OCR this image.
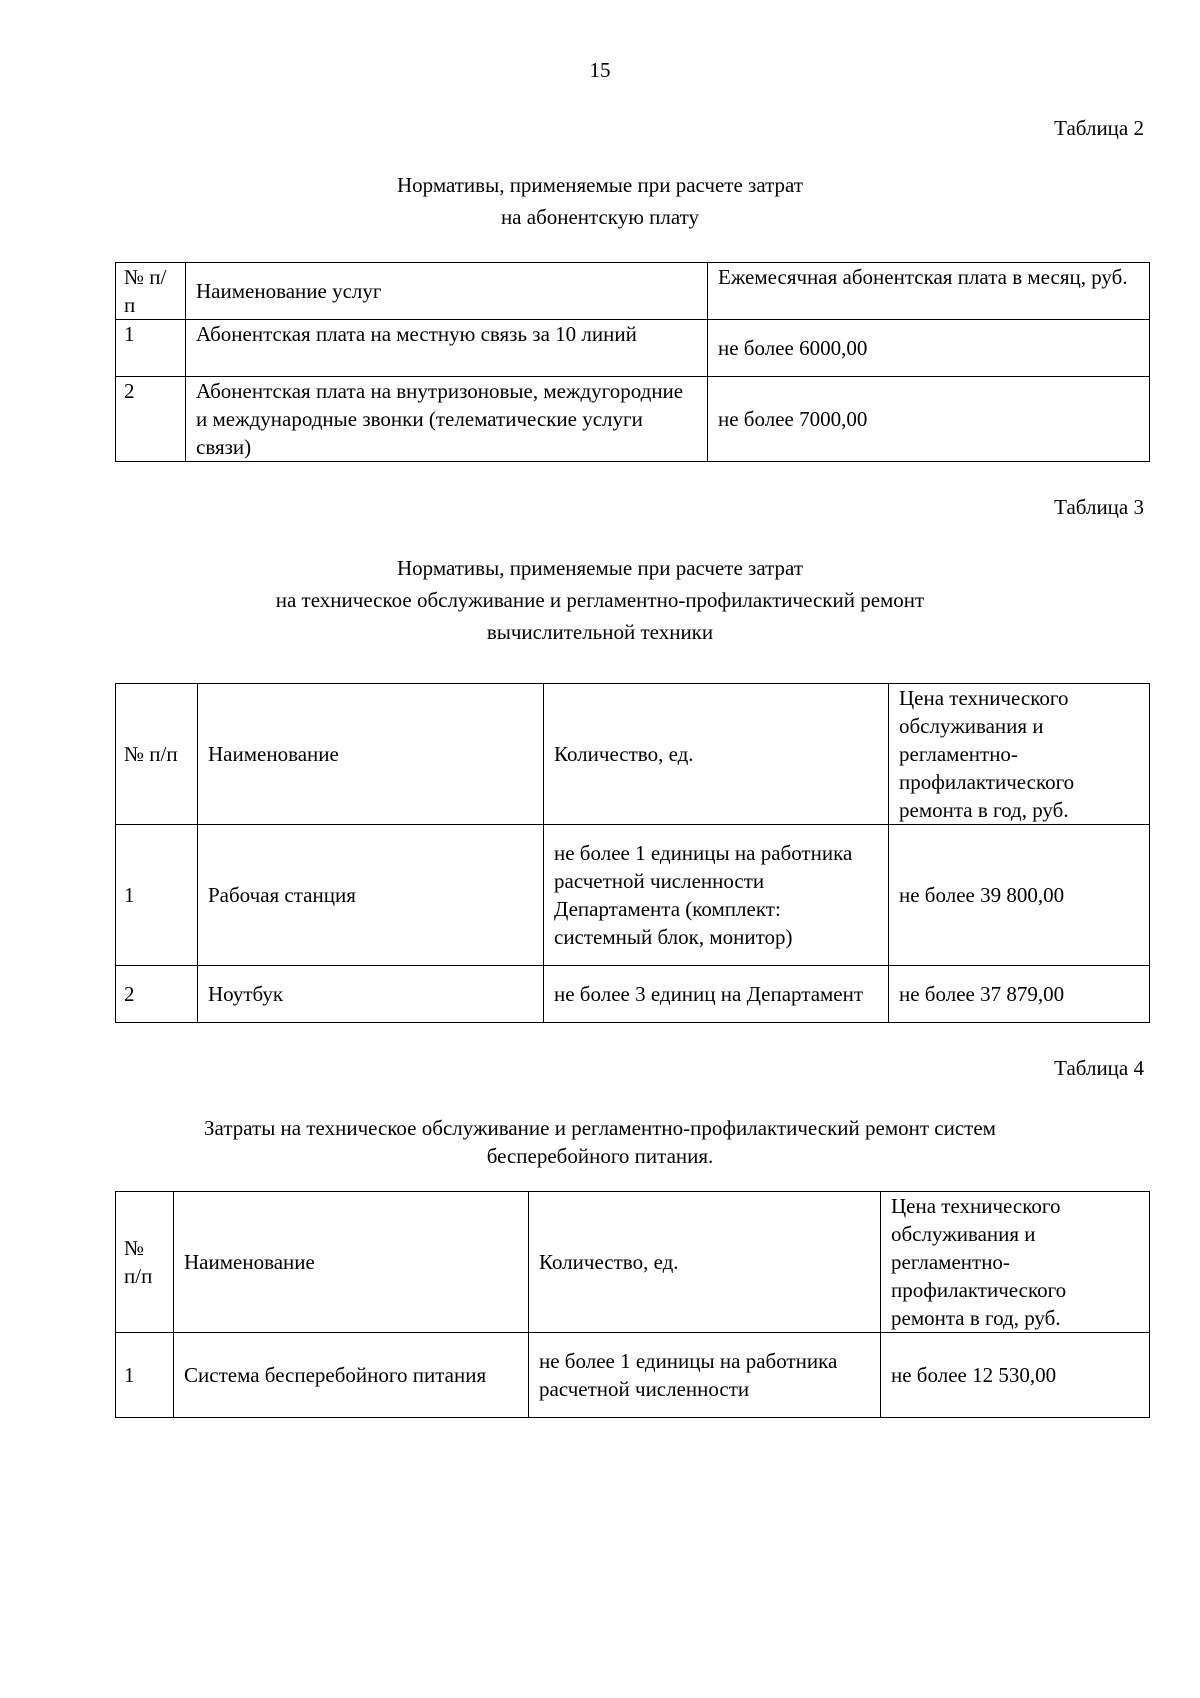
15
Таблица 2
Нормативы, применяемые при расчете затрат
на абонентскую плату
№ п/п	Наименование услуг	Ежемесячная абонентская плата в месяц, руб.
1	Абонентская плата на местную связь за 10 линий	не более 6000,00
2	Абонентская плата на внутризоновые, междугородние и международные звонки (телематические услуги связи)	не более 7000,00
Таблица 3
Нормативы, применяемые при расчете затрат
на техническое обслуживание и регламентно-профилактический ремонт
вычислительной техники
№ п/п	Наименование	Количество, ед.	Цена технического обслуживания и регламентно-профилактического ремонта в год, руб.
1	Рабочая станция	не более 1 единицы на работника расчетной численности Департамента (комплект: системный блок, монитор)	не более 39 800,00
2	Ноутбук	не более 3 единиц на Департамент	не более 37 879,00
Таблица 4
Затраты на техническое обслуживание и регламентно-профилактический ремонт систем
бесперебойного питания.
№ п/п	Наименование	Количество, ед.	Цена технического обслуживания и регламентно-профилактического ремонта в год, руб.
1	Система бесперебойного питания	не более 1 единицы на работника расчетной численности	не более 12 530,00
